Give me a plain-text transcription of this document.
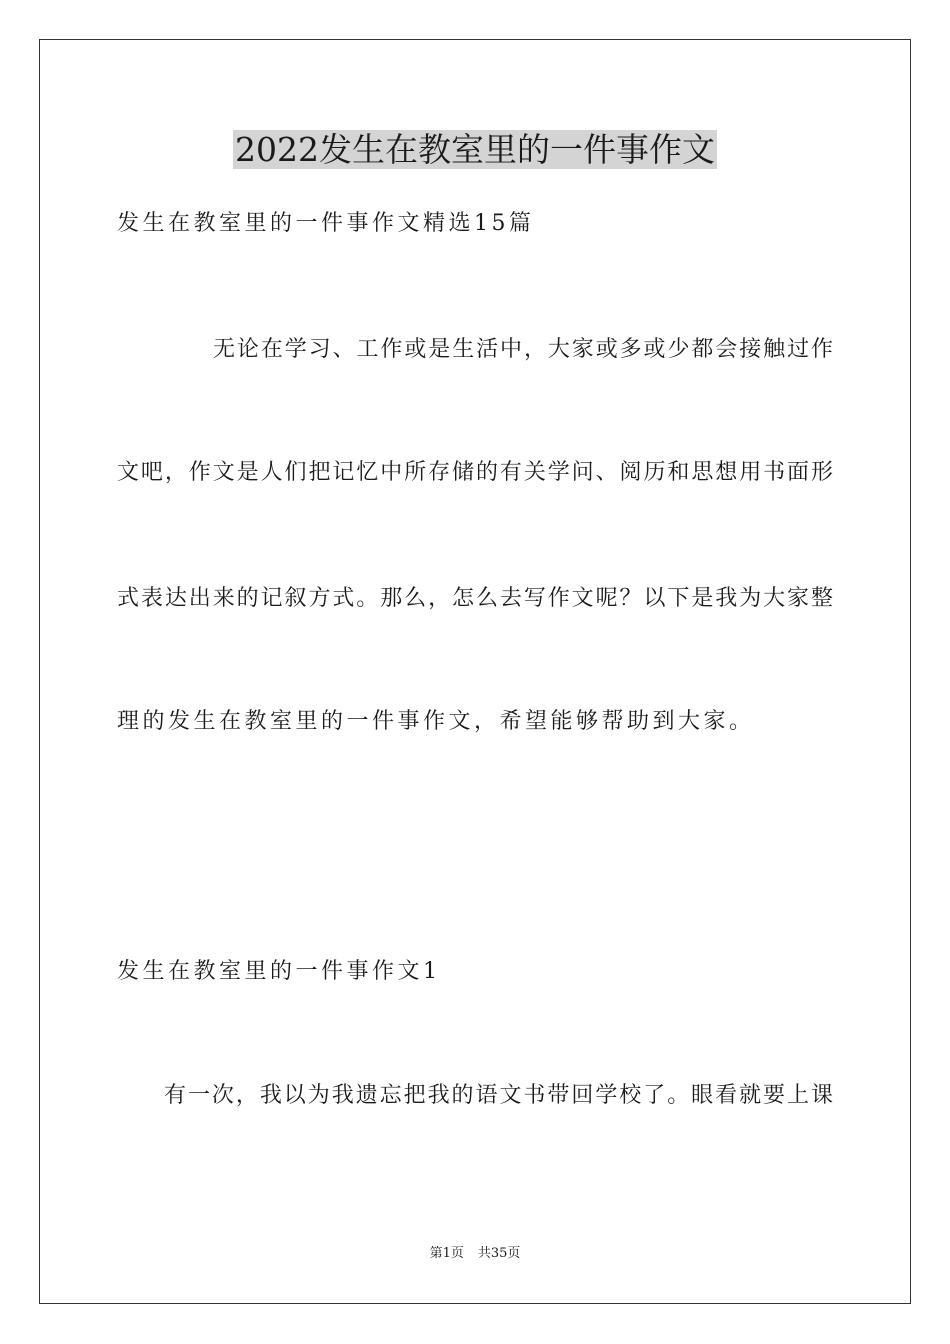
2022发生在教室里的一件事作文
发生在教室里的一件事作文精选15篇
无论在学习、工作或是生活中，大家或多或少都会接触过作
文吧，作文是人们把记忆中所存储的有关学问、阅历和思想用书面形
式表达出来的记叙方式。那么，怎么去写作文呢？以下是我为大家整
理的发生在教室里的一件事作文，希望能够帮助到大家。
发生在教室里的一件事作文1
有一次，我以为我遗忘把我的语文书带回学校了。眼看就要上课
第1页 共35页
